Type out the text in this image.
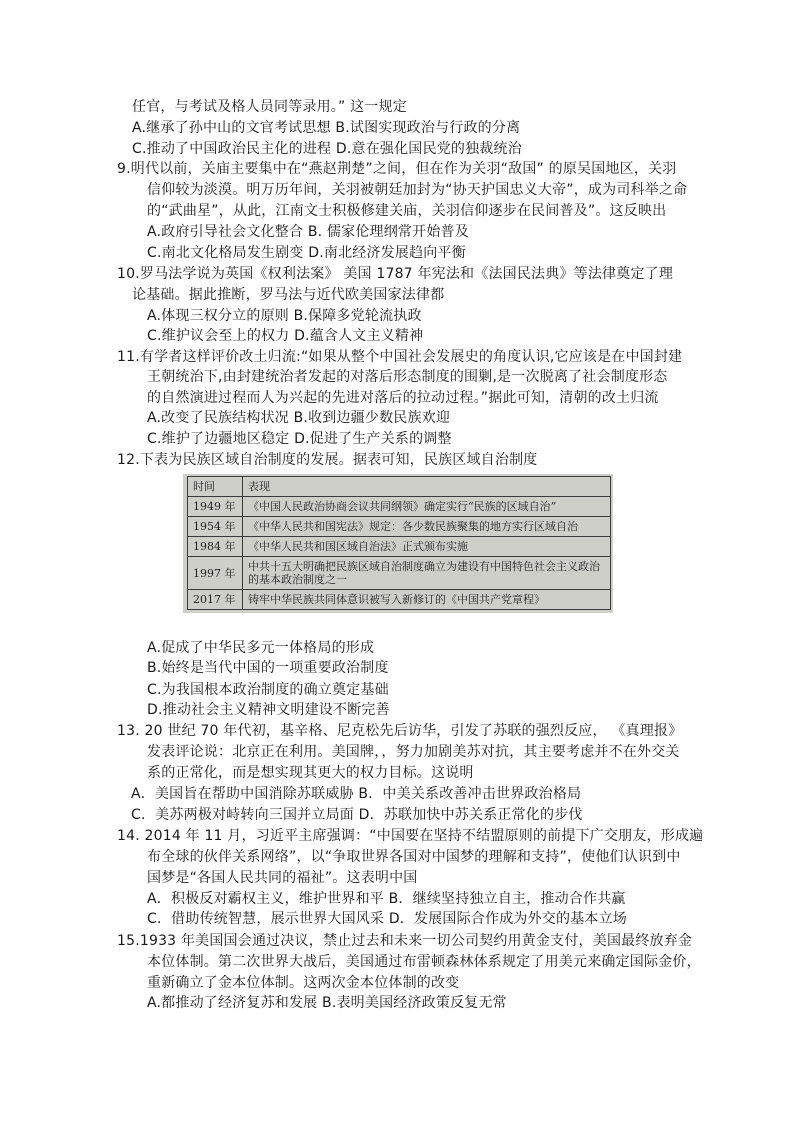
任官，与考试及格人员同等录用。” 这一规定
A.继承了孙中山的文官考试思想 B.试图实现政治与行政的分离
C.推动了中国政治民主化的进程 D.意在强化国民党的独裁统治
9.明代以前，关庙主要集中在“燕赵荆楚”之间，但在作为关羽“敌国” 的原吴国地区，关羽
信仰较为淡漠。明万历年间，关羽被朝廷加封为“协天护国忠义大帝”，成为司科举之命
的“武曲星”，从此，江南文士积极修建关庙，关羽信仰逐步在民间普及”。这反映出
A.政府引导社会文化整合 B. 儒家伦理纲常开始普及
C.南北文化格局发生剧变 D.南北经济发展趋向平衡
10.罗马法学说为英国《权利法案》 美国 1787 年宪法和《法国民法典》等法律奠定了理
论基础。据此推断，罗马法与近代欧美国家法律都
A.体现三权分立的原则 B.保障多党轮流执政
C.维护议会至上的权力 D.蕴含人文主义精神
11.有学者这样评价改土归流:“如果从整个中国社会发展史的角度认识,它应该是在中国封建
王朝统治下,由封建统治者发起的对落后形态制度的围剿,是一次脱离了社会制度形态
的自然演进过程而人为兴起的先进对落后的拉动过程。”据此可知，清朝的改土归流
A.改变了民族结构状况 B.收到边疆少数民族欢迎
C.维护了边疆地区稳定 D.促进了生产关系的调整
12.下表为民族区域自治制度的发展。据表可知，民族区域自治制度
时间	表现
1949 年	《中国人民政治协商会议共同纲领》确定实行“民族的区域自治”
1954 年	《中华人民共和国宪法》规定：各少数民族聚集的地方实行区域自治
1984 年	《中华人民共和国区域自治法》正式颁布实施
1997 年	中共十五大明确把民族区域自治制度确立为建设有中国特色社会主义政治的基本政治制度之一
2017 年	铸牢中华民族共同体意识被写入新修订的《中国共产党章程》
A.促成了中华民多元一体格局的形成
B.始终是当代中国的一项重要政治制度
C.为我国根本政治制度的确立奠定基础
D.推动社会主义精神文明建设不断完善
13. 20 世纪 70 年代初，基辛格、尼克松先后访华，引发了苏联的强烈反应， 《真理报》
发表评论说：北京正在利用。美国牌，，努力加剧美苏对抗，其主要考虑并不在外交关
系的正常化，而是想实现其更大的权力目标。这说明
A．美国旨在帮助中国消除苏联威胁 B．中美关系改善冲击世界政治格局
C．美苏两极对峙转向三国并立局面 D．苏联加快中苏关系正常化的步伐
14. 2014 年 11 月，习近平主席强调：“中国要在坚持不结盟原则的前提下广交朋友，形成遍
布全球的伙伴关系网络”，以“争取世界各国对中国梦的理解和支持”，使他们认识到中
国梦是“各国人民共同的福祉”。这表明中国
A．积极反对霸权主义，维护世界和平 B．继续坚持独立自主，推动合作共赢
C．借助传统智慧，展示世界大国风采 D．发展国际合作成为外交的基本立场
15.1933 年美国国会通过决议，禁止过去和未来一切公司契约用黄金支付，美国最终放弃金
本位体制。第二次世界大战后，美国通过布雷顿森林体系规定了用美元来确定国际金价，
重新确立了金本位体制。这两次金本位体制的改变
A.都推动了经济复苏和发展 B.表明美国经济政策反复无常
